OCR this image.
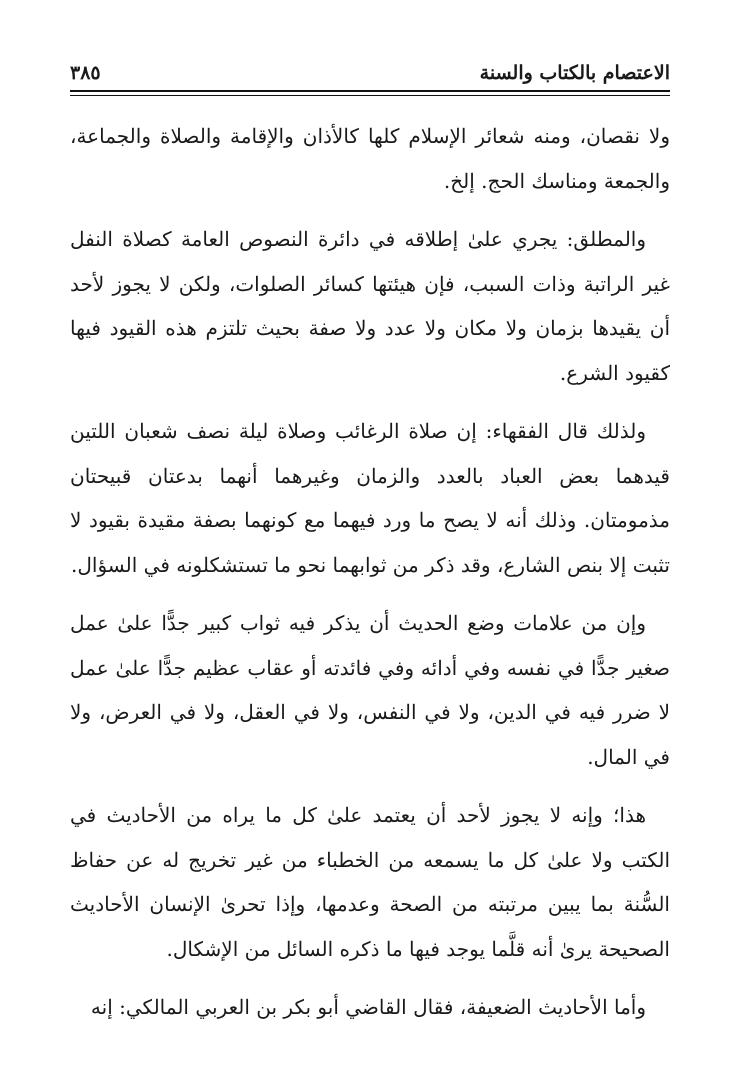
الاعتصام بالكتاب والسنة
٣٨٥

ولا نقصان، ومنه شعائر الإسلام كلها كالأذان والإقامة والصلاة والجماعة، والجمعة ومناسك الحج. إلخ.

والمطلق: يجري علىٰ إطلاقه في دائرة النصوص العامة كصلاة النفل غير الراتبة وذات السبب، فإن هيئتها كسائر الصلوات، ولكن لا يجوز لأحد أن يقيدها بزمان ولا مكان ولا عدد ولا صفة بحيث تلتزم هذه القيود فيها كقيود الشرع.

ولذلك قال الفقهاء: إن صلاة الرغائب وصلاة ليلة نصف شعبان اللتين قيدهما بعض العباد بالعدد والزمان وغيرهما أنهما بدعتان قبيحتان مذمومتان. وذلك أنه لا يصح ما ورد فيهما مع كونهما بصفة مقيدة بقيود لا تثبت إلا بنص الشارع، وقد ذكر من ثوابهما نحو ما تستشكلونه في السؤال.

وإن من علامات وضع الحديث أن يذكر فيه ثواب كبير جدًّا علىٰ عمل صغير جدًّا في نفسه وفي أدائه وفي فائدته أو عقاب عظيم جدًّا علىٰ عمل لا ضرر فيه في الدين، ولا في النفس، ولا في العقل، ولا في العرض، ولا في المال.

هذا؛ وإنه لا يجوز لأحد أن يعتمد علىٰ كل ما يراه من الأحاديث في الكتب ولا علىٰ كل ما يسمعه من الخطباء من غير تخريج له عن حفاظ السُّنة بما يبين مرتبته من الصحة وعدمها، وإذا تحرىٰ الإنسان الأحاديث الصحيحة يرىٰ أنه قلَّما يوجد فيها ما ذكره السائل من الإشكال.

وأما الأحاديث الضعيفة، فقال القاضي أبو بكر بن العربي المالكي: إنه
